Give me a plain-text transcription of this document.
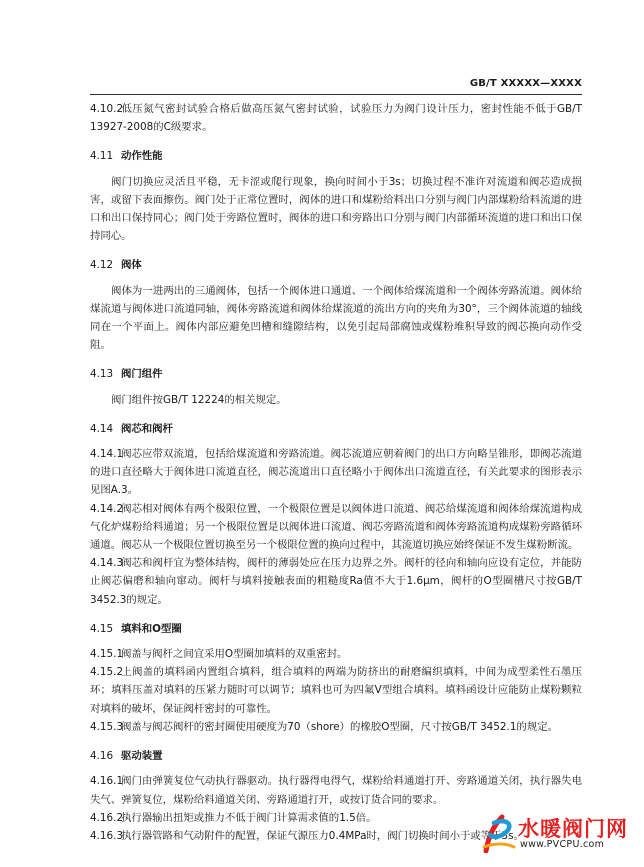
GB/T XXXXX—XXXX
4.10.2低压氮气密封试验合格后做高压氮气密封试验，试验压力为阀门设计压力，密封性能不低于GB/T 13927-2008的C级要求。
4.11 动作性能
阀门切换应灵活且平稳，无卡涩或爬行现象，换向时间小于3s；切换过程不准许对流道和阀芯造成损害，或留下表面擦伤。阀门处于正常位置时，阀体的进口和煤粉给料出口分别与阀门内部煤粉给料流道的进口和出口保持同心；阀门处于旁路位置时，阀体的进口和旁路出口分别与阀门内部循环流道的进口和出口保持同心。
4.12 阀体
阀体为一进两出的三通阀体，包括一个阀体进口通道、一个阀体给煤流道和一个阀体旁路流道。阀体给煤流道与阀体进口流道同轴，阀体旁路流道和阀体给煤流道的流出方向的夹角为30°，三个阀体流道的轴线同在一个平面上。阀体内部应避免凹槽和缝隙结构，以免引起局部腐蚀或煤粉堆积导致的阀芯换向动作受阻。
4.13 阀门组件
阀门组件按GB/T 12224的相关规定。
4.14 阀芯和阀杆
4.14.1阀芯应带双流道，包括给煤流道和旁路流道。阀芯流道应朝着阀门的出口方向略呈锥形，即阀芯流道的进口直径略大于阀体进口流道直径，阀芯流道出口直径略小于阀体出口流道直径，有关此要求的图形表示见图A.3。
4.14.2阀芯相对阀体有两个极限位置，一个极限位置是以阀体进口流道、阀芯给煤流道和阀体给煤流道构成气化炉煤粉给料通道；另一个极限位置是以阀体进口流道、阀芯旁路流道和阀体旁路流道构成煤粉旁路循环通道。阀芯从一个极限位置切换至另一个极限位置的换向过程中，其流道切换应始终保证不发生煤粉断流。
4.14.3阀芯和阀杆宜为整体结构，阀杆的薄弱处应在压力边界之外。阀杆的径向和轴向应设有定位，并能防止阀芯偏磨和轴向窜动。阀杆与填料接触表面的粗糙度Ra值不大于1.6μm，阀杆的O型圈槽尺寸按GB/T 3452.3的规定。
4.15 填料和O型圈
4.15.1阀盖与阀杆之间宜采用O型圈加填料的双重密封。
4.15.2上阀盖的填料函内置组合填料，组合填料的两端为防挤出的耐磨编织填料，中间为成型柔性石墨压环；填料压盖对填料的压紧力随时可以调节；填料也可为四氟V型组合填料。填料函设计应能防止煤粉颗粒对填料的破坏，保证阀杆密封的可靠性。
4.15.3阀盖与阀芯阀杆的密封圈使用硬度为70（shore）的橡胶O型圈，尺寸按GB/T 3452.1的规定。
4.16 驱动装置
4.16.1阀门由弹簧复位气动执行器驱动。执行器得电得气，煤粉给料通道打开、旁路通道关闭，执行器失电失气、弹簧复位，煤粉给料通道关闭、旁路通道打开，或按订货合同的要求。
4.16.2执行器输出扭矩或推力不低于阀门计算需求值的1.5倍。
4.16.3执行器管路和气动附件的配置，保证气源压力0.4MPa时，阀门切换时间小于或等于3s。
水暖阀门网
www.PVCPU.com
